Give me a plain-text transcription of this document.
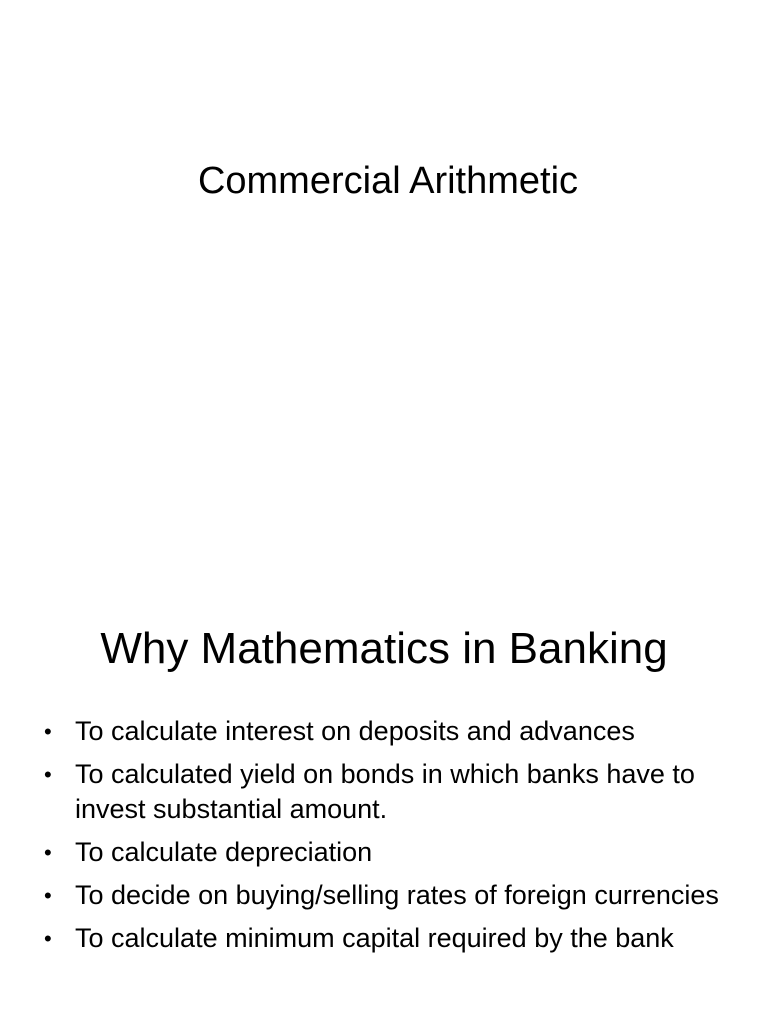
Commercial Arithmetic
Why Mathematics in Banking
• To calculate interest on deposits and advances
• To calculated yield on bonds in which banks have to invest substantial amount.
• To calculate depreciation
• To decide on buying/selling rates of foreign currencies
• To calculate minimum capital required by the bank
